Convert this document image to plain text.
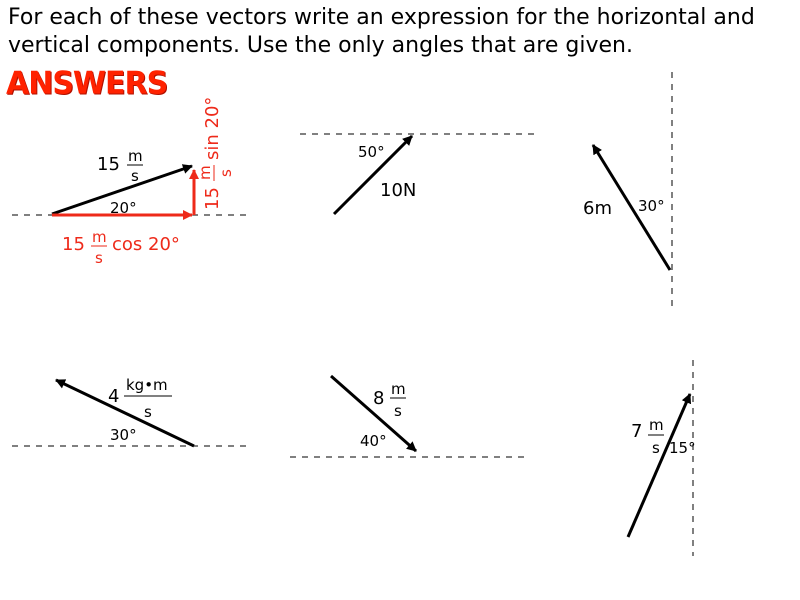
For each of these vectors write an expression for the horizontal and vertical components. Use the only angles that are given.

ANSWERS
15 m
s
20°
15 m
s
cos 20°
15
m s
sin 20°	50°
10N
6m 30°
4
kg•m
s
30°
8 m
s
40°	7 m
s 15°
